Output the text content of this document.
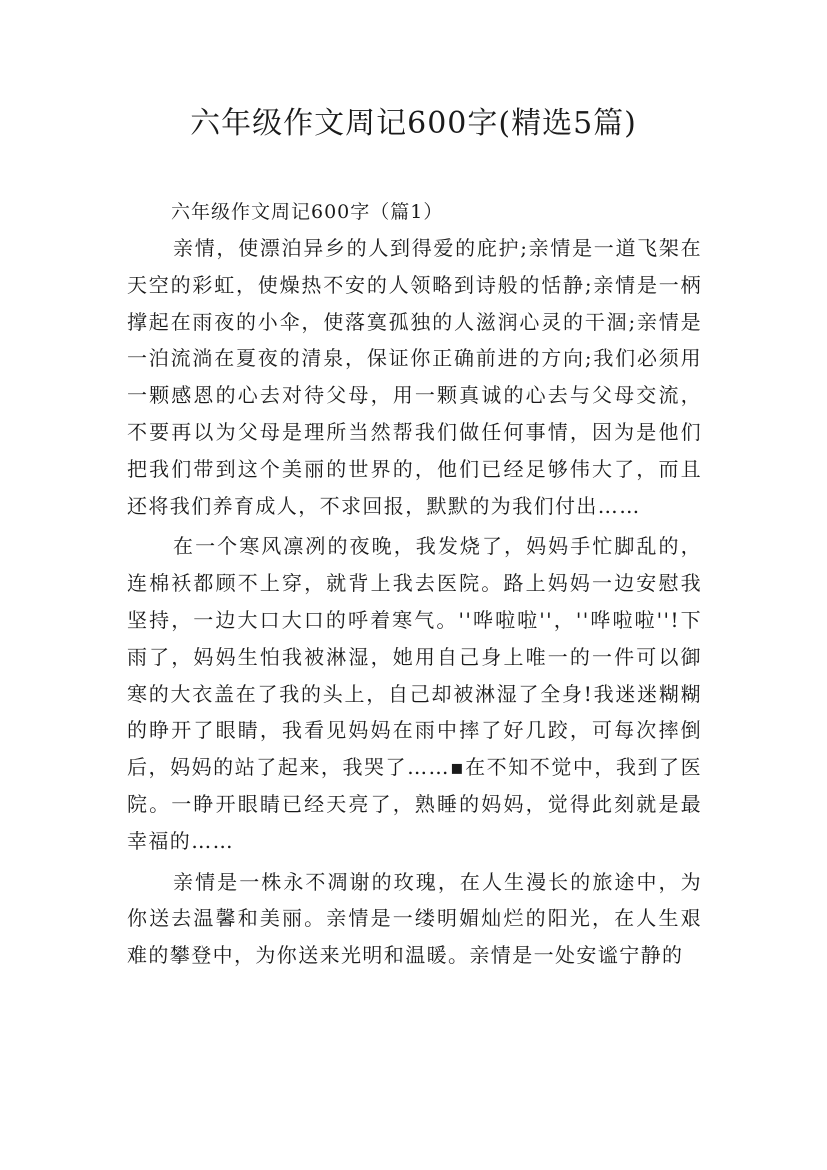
六年级作文周记600字(精选5篇)
六年级作文周记600字（篇1）

亲情，使漂泊异乡的人到得爱的庇护;亲情是一道飞架在天空的彩虹，使燥热不安的人领略到诗般的恬静;亲情是一柄撑起在雨夜的小伞，使落寞孤独的人滋润心灵的干涸;亲情是一泊流淌在夏夜的清泉，保证你正确前进的方向;我们必须用一颗感恩的心去对待父母，用一颗真诚的心去与父母交流，不要再以为父母是理所当然帮我们做任何事情，因为是他们把我们带到这个美丽的世界的，他们已经足够伟大了，而且还将我们养育成人，不求回报，默默的为我们付出……

在一个寒风凛冽的夜晚，我发烧了，妈妈手忙脚乱的，连棉袄都顾不上穿，就背上我去医院。路上妈妈一边安慰我坚持，一边大口大口的呼着寒气。''哗啦啦''，''哗啦啦''!下雨了，妈妈生怕我被淋湿，她用自己身上唯一的一件可以御寒的大衣盖在了我的头上，自己却被淋湿了全身!我迷迷糊糊的睁开了眼睛，我看见妈妈在雨中摔了好几跤，可每次摔倒后，妈妈的站了起来，我哭了……▪在不知不觉中，我到了医院。一睁开眼睛已经天亮了，熟睡的妈妈，觉得此刻就是最幸福的……

亲情是一株永不凋谢的玫瑰，在人生漫长的旅途中，为你送去温馨和美丽。亲情是一缕明媚灿烂的阳光，在人生艰难的攀登中，为你送来光明和温暖。亲情是一处安谧宁静的
